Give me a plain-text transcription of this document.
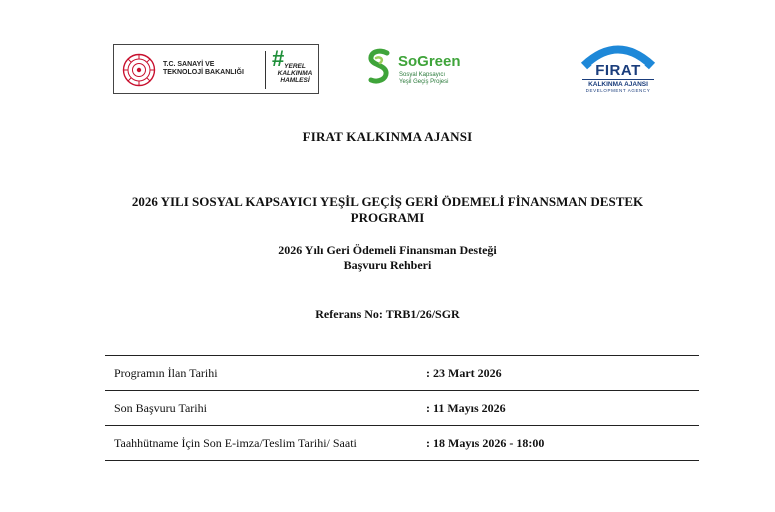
T.C. SANAYİ VE
TEKNOLOJİ BAKANLIĞI
# YEREL
KALKINMA
HAMLESİ
SoGreen
Sosyal Kapsayıcı
Yeşil Geçiş Projesi
FIRAT
KALKINMA AJANSI
DEVELOPMENT AGENCY
FIRAT KALKINMA AJANSI
2026 YILI SOSYAL KAPSAYICI YEŞİL GEÇİŞ GERİ ÖDEMELİ FİNANSMAN DESTEK
PROGRAMI
2026 Yılı Geri Ödemeli Finansman Desteği
Başvuru Rehberi
Referans No: TRB1/26/SGR
Programın İlan Tarihi	: 23 Mart 2026
Son Başvuru Tarihi	: 11 Mayıs 2026
Taahhütname İçin Son E-imza/Teslim Tarihi/ Saati	: 18 Mayıs 2026 - 18:00
